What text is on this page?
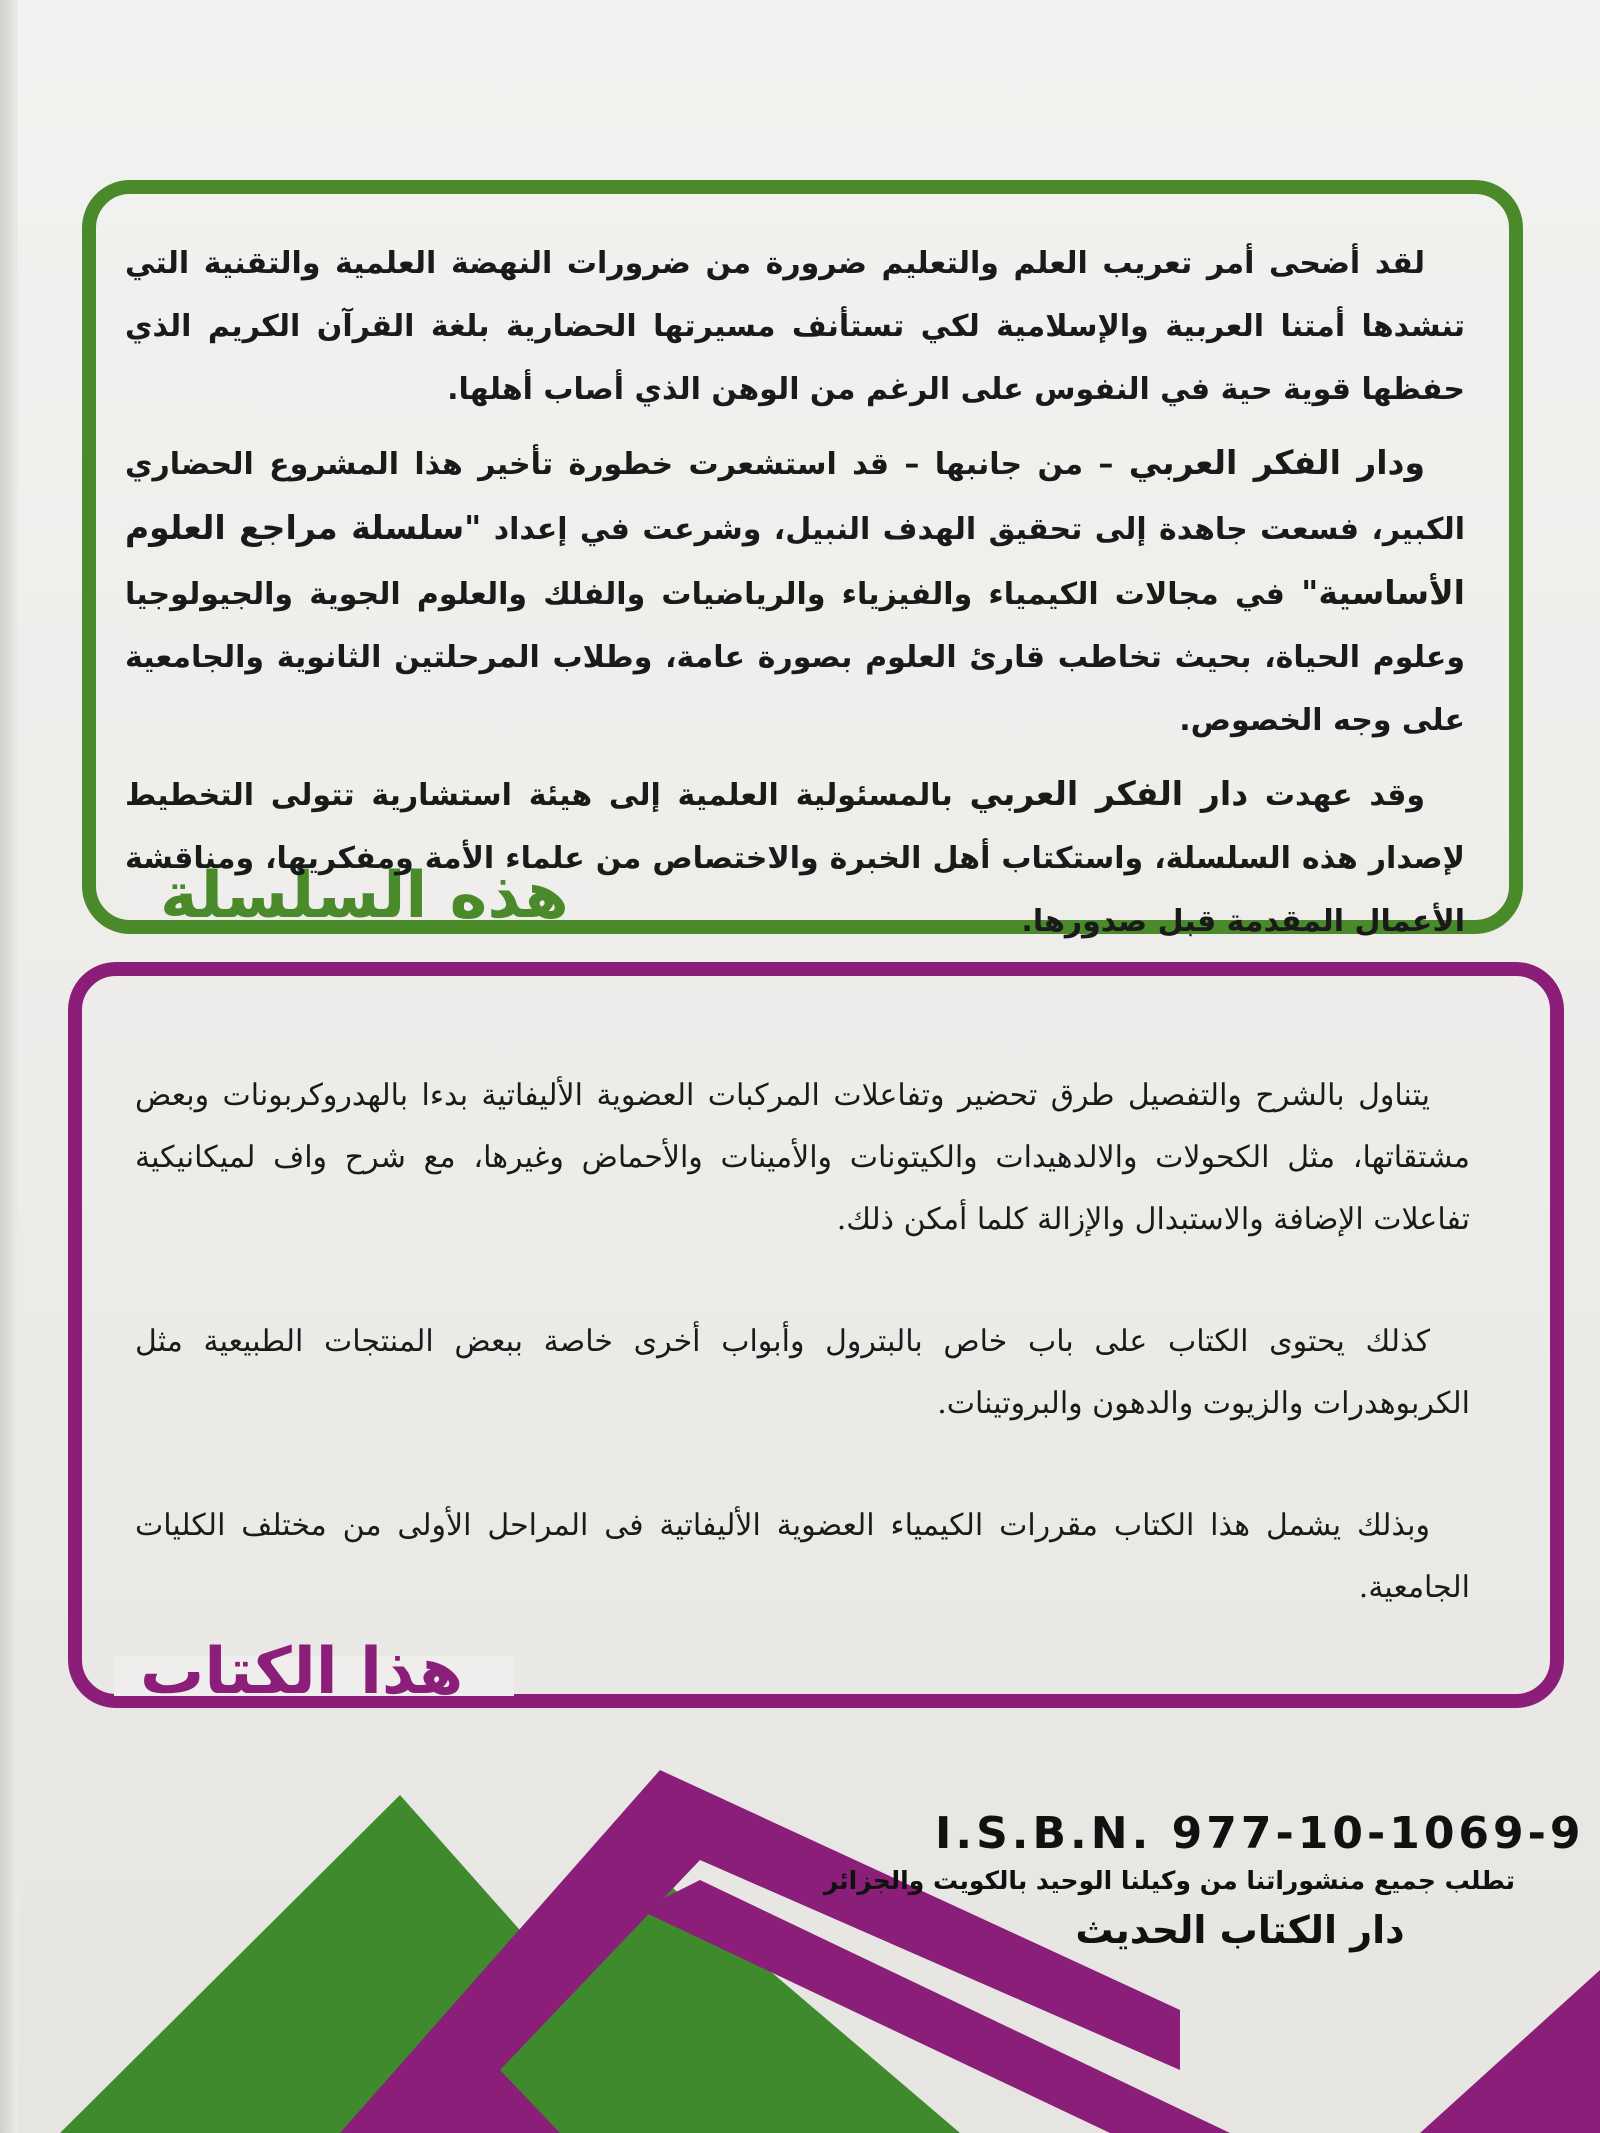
هذه السلسلة

لقد أضحى أمر تعريب العلم والتعليم ضرورة من ضرورات النهضة العلمية والتقنية التي تنشدها أمتنا العربية والإسلامية لكي تستأنف مسيرتها الحضارية بلغة القرآن الكريم الذي حفظها قوية حية في النفوس على الرغم من الوهن الذي أصاب أهلها.

ودار الفكر العربي – من جانبها – قد استشعرت خطورة تأخير هذا المشروع الحضاري الكبير، فسعت جاهدة إلى تحقيق الهدف النبيل، وشرعت في إعداد "سلسلة مراجع العلوم الأساسية" في مجالات الكيمياء والفيزياء والرياضيات والفلك والعلوم الجوية والجيولوجيا وعلوم الحياة، بحيث تخاطب قارئ العلوم بصورة عامة، وطلاب المرحلتين الثانوية والجامعية على وجه الخصوص.

وقد عهدت دار الفكر العربي بالمسئولية العلمية إلى هيئة استشارية تتولى التخطيط لإصدار هذه السلسلة، واستكتاب أهل الخبرة والاختصاص من علماء الأمة ومفكريها، ومناقشة الأعمال المقدمة قبل صدورها.

هذا الكتاب

يتناول بالشرح والتفصيل طرق تحضير وتفاعلات المركبات العضوية الأليفاتية بدءا بالهدروكربونات وبعض مشتقاتها، مثل الكحولات والالدهيدات والكيتونات والأمينات والأحماض وغيرها، مع شرح واف لميكانيكية تفاعلات الإضافة والاستبدال والإزالة كلما أمكن ذلك.

كذلك يحتوى الكتاب على باب خاص بالبترول وأبواب أخرى خاصة ببعض المنتجات الطبيعية مثل الكربوهدرات والزيوت والدهون والبروتينات.

وبذلك يشمل هذا الكتاب مقررات الكيمياء العضوية الأليفاتية فى المراحل الأولى من مختلف الكليات الجامعية.

I.S.B.N. 977-10-1069-9
تطلب جميع منشوراتنا من وكيلنا الوحيد بالكويت والجزائر
دار الكتاب الحديث
